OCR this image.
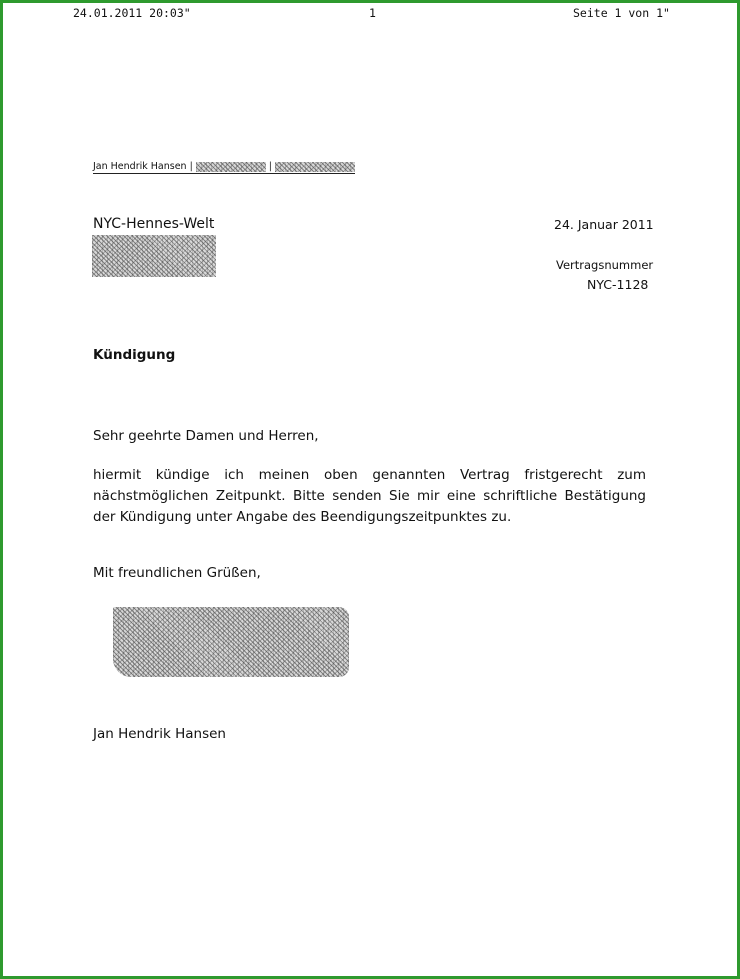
24.01.2011 20:03"	1	Seite 1 von 1"
Jan Hendrik Hansen |	|
NYC-Hennes-Welt	24. Januar 2011
Vertragsnummer
NYC-1128
Kündigung
Sehr geehrte Damen und Herren,
hiermit kündige ich meinen oben genannten Vertrag fristgerecht zum nächstmöglichen Zeitpunkt. Bitte senden Sie mir eine schriftliche Bestätigung der Kündigung unter Angabe des Beendigungszeitpunktes zu.
Mit freundlichen Grüßen,
Jan Hendrik Hansen
